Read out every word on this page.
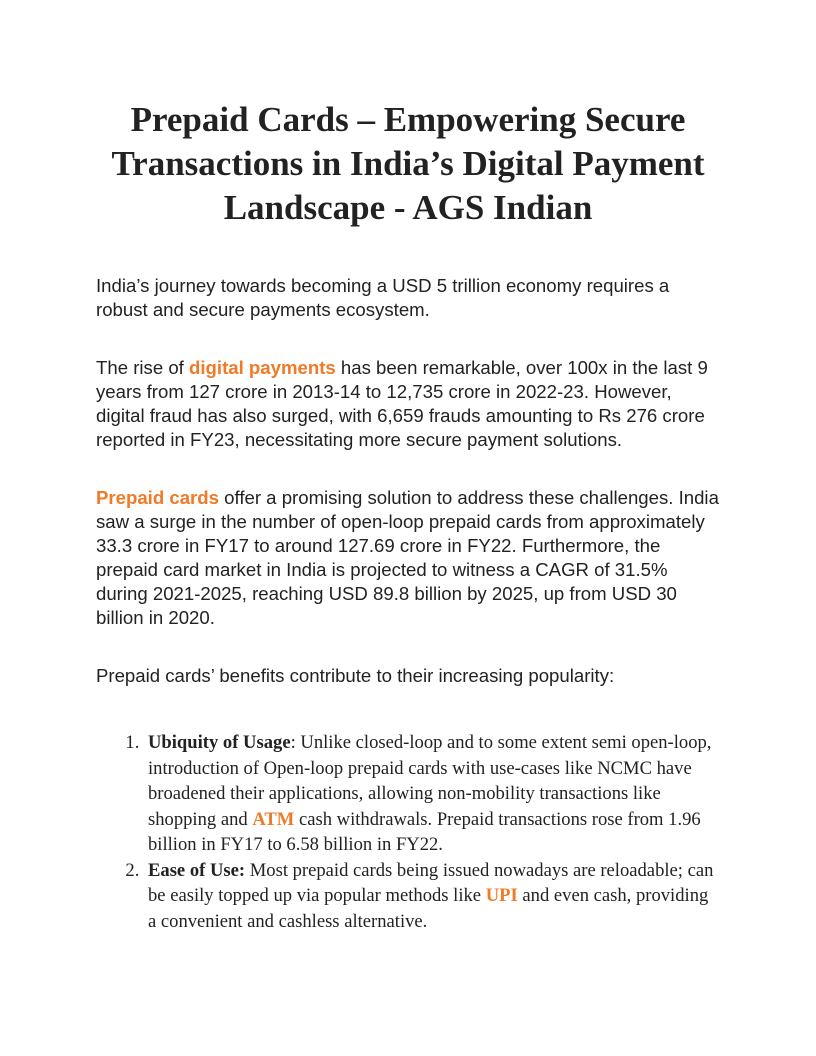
Prepaid Cards – Empowering Secure Transactions in India’s Digital Payment Landscape - AGS Indian

India’s journey towards becoming a USD 5 trillion economy requires a robust and secure payments ecosystem.

The rise of digital payments has been remarkable, over 100x in the last 9 years from 127 crore in 2013-14 to 12,735 crore in 2022-23. However, digital fraud has also surged, with 6,659 frauds amounting to Rs 276 crore reported in FY23, necessitating more secure payment solutions.

Prepaid cards offer a promising solution to address these challenges. India saw a surge in the number of open-loop prepaid cards from approximately 33.3 crore in FY17 to around 127.69 crore in FY22. Furthermore, the prepaid card market in India is projected to witness a CAGR of 31.5% during 2021-2025, reaching USD 89.8 billion by 2025, up from USD 30 billion in 2020.

Prepaid cards’ benefits contribute to their increasing popularity:

1. Ubiquity of Usage: Unlike closed-loop and to some extent semi open-loop, introduction of Open-loop prepaid cards with use-cases like NCMC have broadened their applications, allowing non-mobility transactions like shopping and ATM cash withdrawals. Prepaid transactions rose from 1.96 billion in FY17 to 6.58 billion in FY22.
2. Ease of Use: Most prepaid cards being issued nowadays are reloadable; can be easily topped up via popular methods like UPI and even cash, providing a convenient and cashless alternative.
